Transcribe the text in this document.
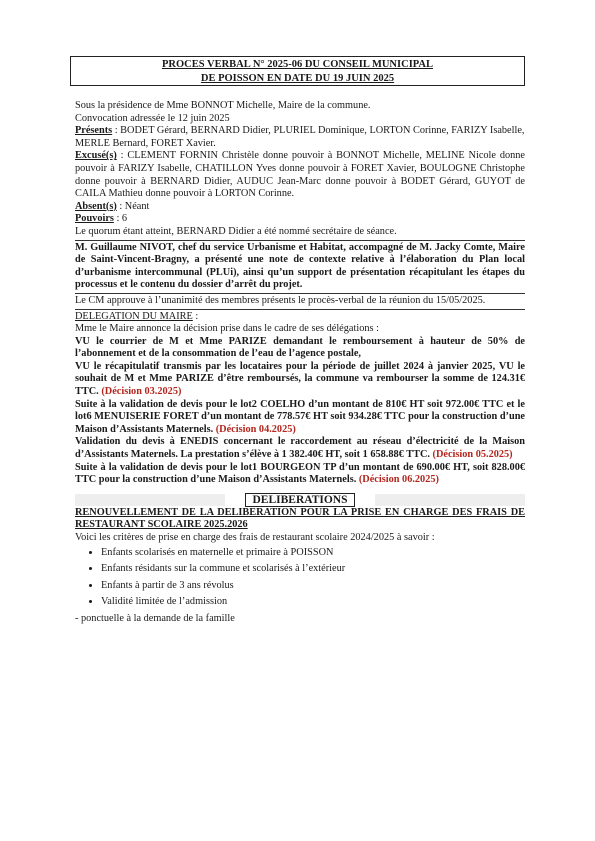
PROCES VERBAL N° 2025-06 DU CONSEIL MUNICIPAL
DE POISSON EN DATE DU 19 JUIN 2025

Sous la présidence de Mme BONNOT Michelle, Maire de la commune.

Convocation adressée le 12 juin 2025

Présents : BODET Gérard, BERNARD Didier, PLURIEL Dominique, LORTON Corinne, FARIZY Isabelle, MERLE Bernard, FORET Xavier.

Excusé(s) : CLEMENT FORNIN Christèle donne pouvoir à BONNOT Michelle, MELINE Nicole donne pouvoir à FARIZY Isabelle, CHATILLON Yves donne pouvoir à FORET Xavier, BOULOGNE Christophe donne pouvoir à BERNARD Didier, AUDUC Jean-Marc donne pouvoir à BODET Gérard, GUYOT de CAILA Mathieu donne pouvoir à LORTON Corinne.

Absent(s) : Néant

Pouvoirs : 6

Le quorum étant atteint, BERNARD Didier a été nommé secrétaire de séance.

M. Guillaume NIVOT, chef du service Urbanisme et Habitat, accompagné de M. Jacky Comte, Maire de Saint-Vincent-Bragny, a présenté une note de contexte relative à l’élaboration du Plan local d’urbanisme intercommunal (PLUi), ainsi qu’un support de présentation récapitulant les étapes du processus et le contenu du dossier d’arrêt du projet.

Le CM approuve à l’unanimité des membres présents le procès-verbal de la réunion du 15/05/2025.

DELEGATION DU MAIRE :

Mme le Maire annonce la décision prise dans le cadre de ses délégations :

VU le courrier de M et Mme PARIZE demandant le remboursement à hauteur de 50% de l’abonnement et de la consommation de l’eau de l’agence postale,

VU le récapitulatif transmis par les locataires pour la période de juillet 2024 à janvier 2025, VU le souhait de M et Mme PARIZE d’être remboursés, la commune va rembourser la somme de 124.31€ TTC. (Décision 03.2025)

Suite à la validation de devis pour le lot2 COELHO d’un montant de 810€ HT soit 972.00€ TTC et le lot6 MENUISERIE FORET d’un montant de 778.57€ HT soit 934.28€ TTC pour la construction d’une Maison d’Assistants Maternels. (Décision 04.2025)

Validation du devis à ENEDIS concernant le raccordement au réseau d’électricité de la Maison d’Assistants Maternels. La prestation s’élève à 1 382.40€ HT, soit 1 658.88€ TTC. (Décision 05.2025)

Suite à la validation de devis pour le lot1 BOURGEON TP d’un montant de 690.00€ HT, soit 828.00€ TTC pour la construction d’une Maison d’Assistants Maternels. (Décision 06.2025)

DELIBERATIONS

RENOUVELLEMENT DE LA DELIBERATION POUR LA PRISE EN CHARGE DES FRAIS DE RESTAURANT SCOLAIRE 2025.2026

Voici les critères de prise en charge des frais de restaurant scolaire 2024/2025 à savoir :

• Enfants scolarisés en maternelle et primaire à POISSON
• Enfants résidants sur la commune et scolarisés à l’extérieur
• Enfants à partir de 3 ans révolus
• Validité limitée de l’admission

- ponctuelle à la demande de la famille
